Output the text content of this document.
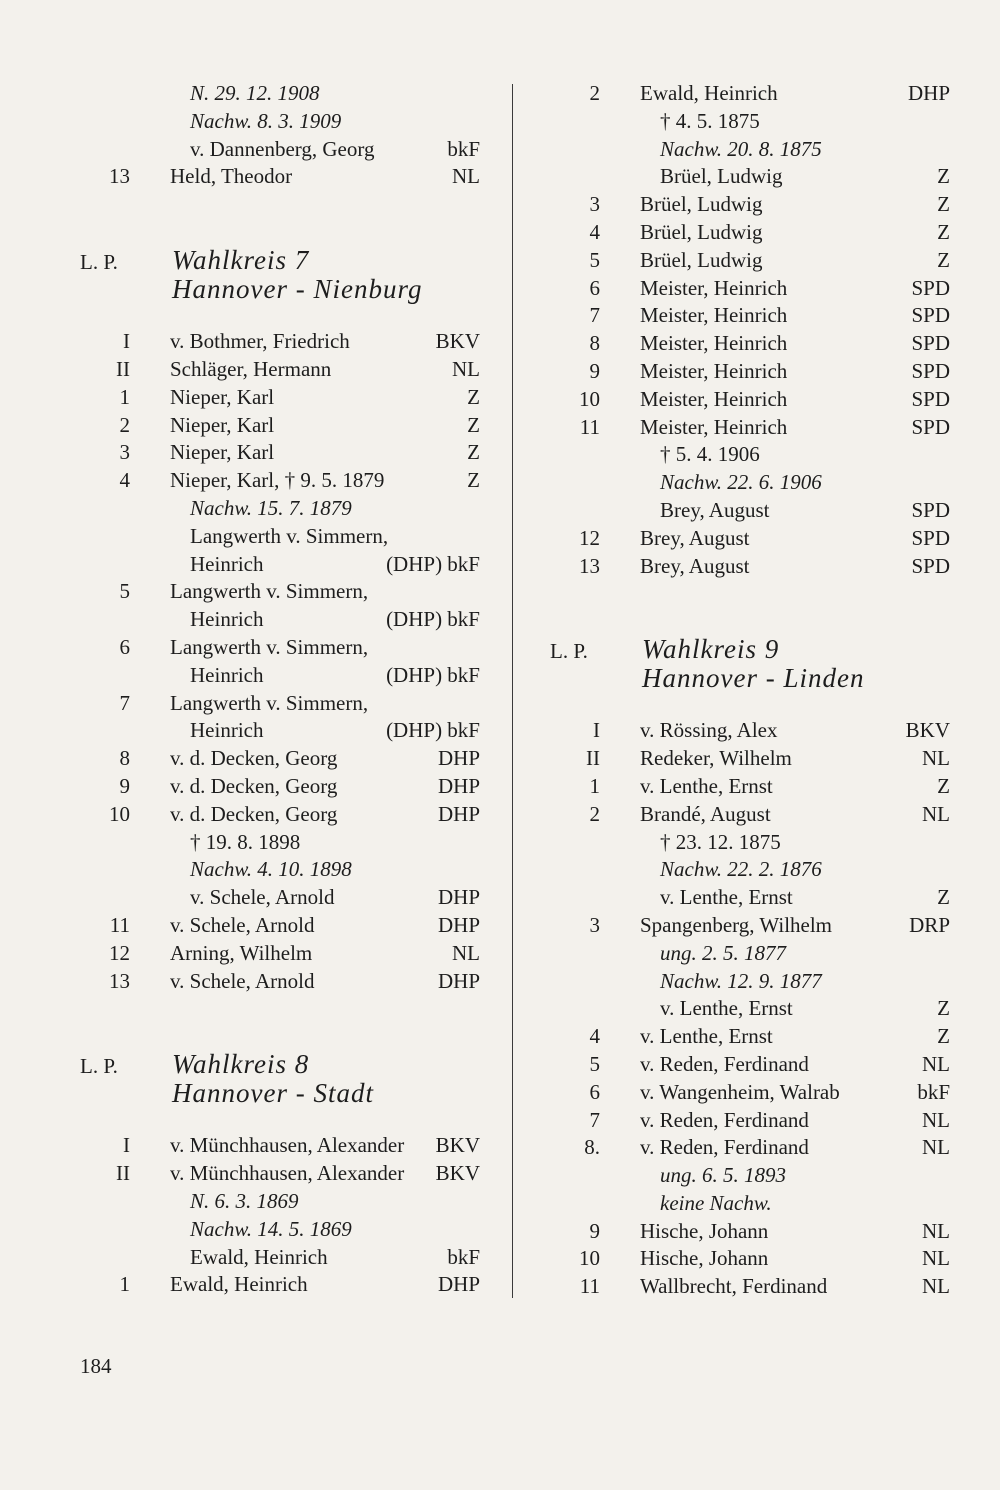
N. 29. 12. 1908
Nachw. 8. 3. 1909
v. Dannenberg, Georg	bkF
13 Held, Theodor	NL
L. P.	Wahlkreis 7
Hannover - Nienburg
I v. Bothmer, Friedrich	BKV
II Schläger, Hermann	NL
1 Nieper, Karl	Z
2 Nieper, Karl	Z
3 Nieper, Karl	Z
4 Nieper, Karl, † 9. 5. 1879	Z
Nachw. 15. 7. 1879
Langwerth v. Simmern,
Heinrich	(DHP) bkF
5 Langwerth v. Simmern,
Heinrich	(DHP) bkF
6 Langwerth v. Simmern,
Heinrich	(DHP) bkF
7 Langwerth v. Simmern,
Heinrich	(DHP) bkF
8 v. d. Decken, Georg	DHP
9 v. d. Decken, Georg	DHP
10 v. d. Decken, Georg	DHP
† 19. 8. 1898
Nachw. 4. 10. 1898
v. Schele, Arnold	DHP
11 v. Schele, Arnold	DHP
12 Arning, Wilhelm	NL
13 v. Schele, Arnold	DHP
L. P.	Wahlkreis 8
Hannover - Stadt
I v. Münchhausen, Alexander BKV
II v. Münchhausen, Alexander BKV
N. 6. 3. 1869
Nachw. 14. 5. 1869
Ewald, Heinrich	bkF
1 Ewald, Heinrich	DHP
2 Ewald, Heinrich	DHP
† 4. 5. 1875
Nachw. 20. 8. 1875
Brüel, Ludwig	Z
3 Brüel, Ludwig	Z
4 Brüel, Ludwig	Z
5 Brüel, Ludwig	Z
6 Meister, Heinrich	SPD
7 Meister, Heinrich	SPD
8 Meister, Heinrich	SPD
9 Meister, Heinrich	SPD
10 Meister, Heinrich	SPD
11 Meister, Heinrich	SPD
† 5. 4. 1906
Nachw. 22. 6. 1906
Brey, August	SPD
12 Brey, August	SPD
13 Brey, August	SPD
L. P.	Wahlkreis 9
Hannover - Linden
I v. Rössing, Alex	BKV
II Redeker, Wilhelm	NL
1 v. Lenthe, Ernst	Z
2 Brandé, August	NL
† 23. 12. 1875
Nachw. 22. 2. 1876
v. Lenthe, Ernst	Z
3 Spangenberg, Wilhelm	DRP
ung. 2. 5. 1877
Nachw. 12. 9. 1877
v. Lenthe, Ernst	Z
4 v. Lenthe, Ernst	Z
5 v. Reden, Ferdinand	NL
6 v. Wangenheim, Walrab	bkF
7 v. Reden, Ferdinand	NL
8. v. Reden, Ferdinand	NL
ung. 6. 5. 1893
keine Nachw.
9 Hische, Johann	NL
10 Hische, Johann	NL
11 Wallbrecht, Ferdinand	NL
184
